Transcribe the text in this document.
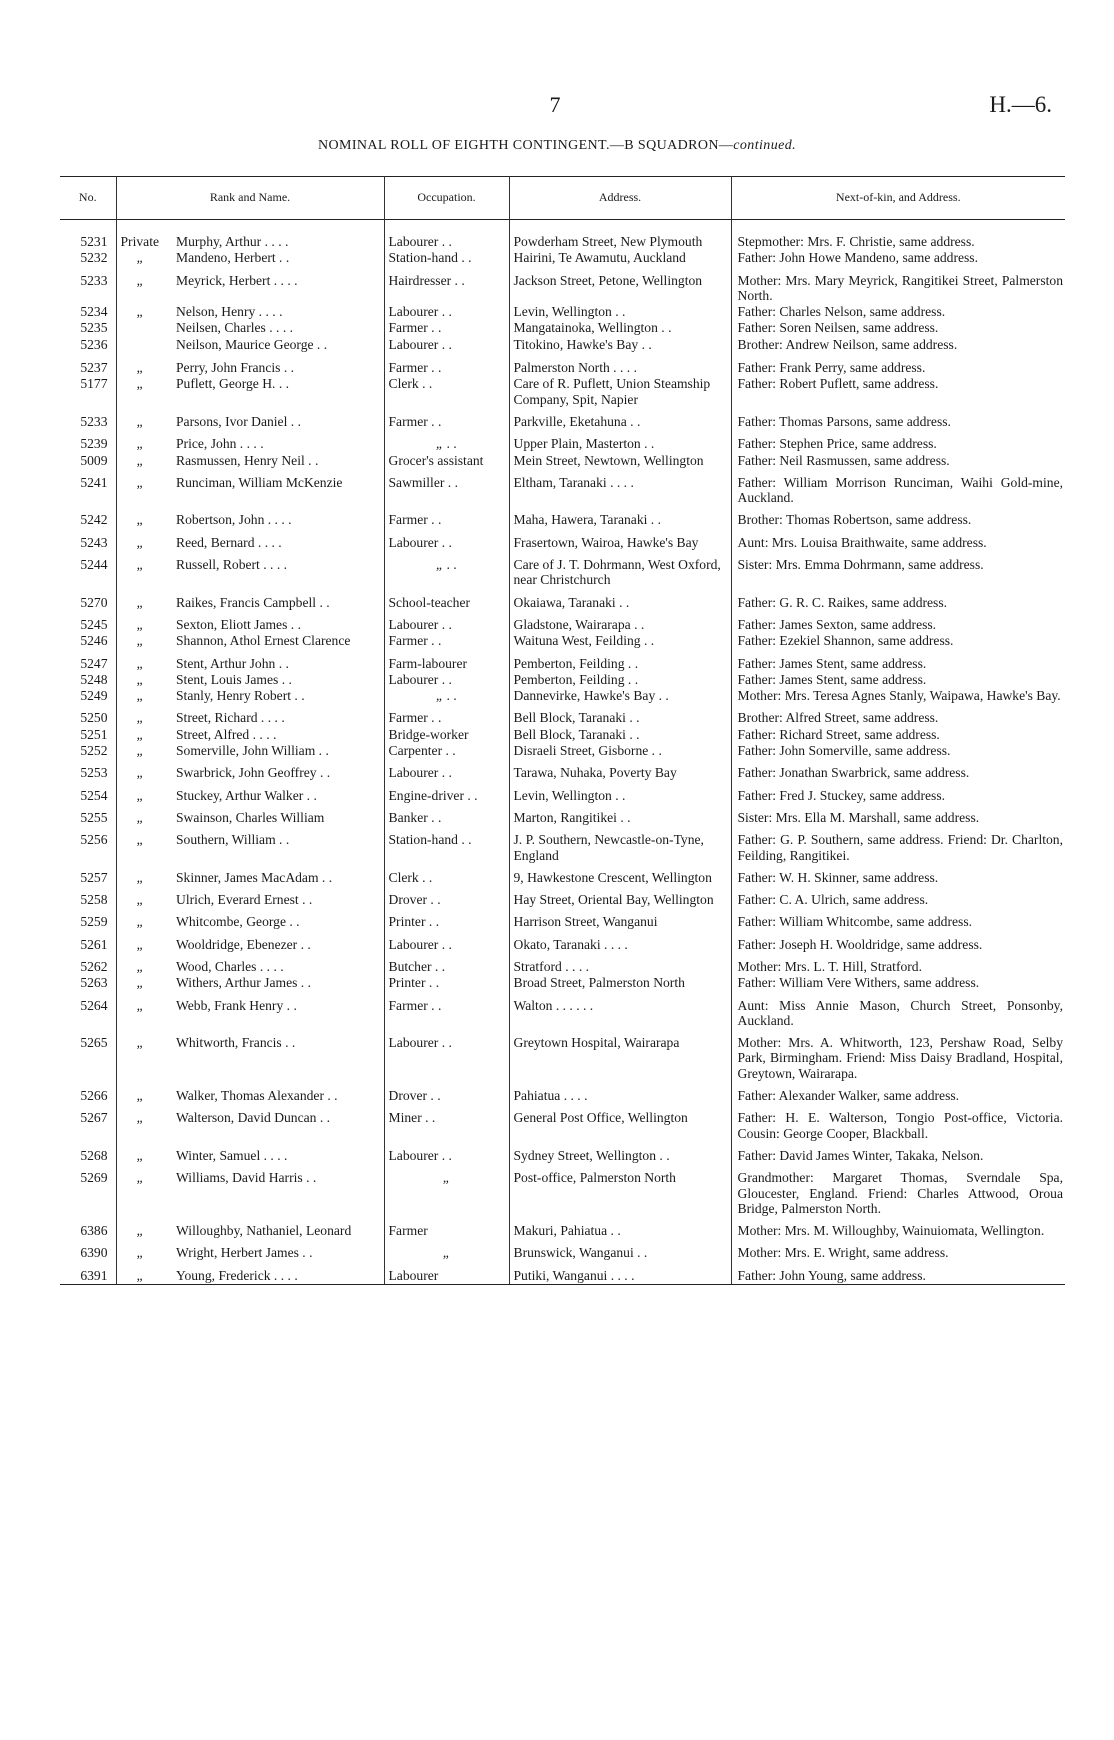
7	H.—6.
NOMINAL ROLL OF EIGHTH CONTINGENT.—B SQUADRON—continued.
No.	Rank and Name.		Occupation.	Address.	Next-of-kin, and Address.

5231	Private	Murphy, Arthur . . . .	Labourer . .	Powderham Street, New Plymouth	Stepmother: Mrs. F. Christie, same address.
5232	„	Mandeno, Herbert . .	Station-hand . .	Hairini, Te Awamutu, Auckland	Father: John Howe Mandeno, same address.
5233	„	Meyrick, Herbert . . . .	Hairdresser . .	Jackson Street, Petone, Wellington	Mother: Mrs. Mary Meyrick, Rangitikei Street, Palmerston North.
5234	„	Nelson, Henry . . . .	Labourer . .	Levin, Wellington . .	Father: Charles Nelson, same address.
5235		Neilsen, Charles . . . .	Farmer . .	Mangatainoka, Wellington . .	Father: Soren Neilsen, same address.
5236		Neilson, Maurice George . .	Labourer . .	Titokino, Hawke's Bay . .	Brother: Andrew Neilson, same address.
5237	„	Perry, John Francis . .	Farmer . .	Palmerston North . . . .	Father: Frank Perry, same address.
5177	„	Puflett, George H. . .	Clerk . .	Care of R. Puflett, Union Steamship Company, Spit, Napier	Father: Robert Puflett, same address.
5233	„	Parsons, Ivor Daniel . .	Farmer . .	Parkville, Eketahuna . .	Father: Thomas Parsons, same address.
5239	„	Price, John . . . .	„ . .	Upper Plain, Masterton . .	Father: Stephen Price, same address.
5009	„	Rasmussen, Henry Neil . .	Grocer's assistant	Mein Street, Newtown, Wellington	Father: Neil Rasmussen, same address.
5241	„	Runciman, William McKenzie	Sawmiller . .	Eltham, Taranaki . . . .	Father: William Morrison Runciman, Waihi Gold-mine, Auckland.
5242	„	Robertson, John . . . .	Farmer . .	Maha, Hawera, Taranaki . .	Brother: Thomas Robertson, same address.
5243	„	Reed, Bernard . . . .	Labourer . .	Frasertown, Wairoa, Hawke's Bay	Aunt: Mrs. Louisa Braithwaite, same address.
5244	„	Russell, Robert . . . .	„ . .	Care of J. T. Dohrmann, West Oxford, near Christchurch	Sister: Mrs. Emma Dohrmann, same address.
5270	„	Raikes, Francis Campbell . .	School-teacher	Okaiawa, Taranaki . .	Father: G. R. C. Raikes, same address.
5245	„	Sexton, Eliott James . .	Labourer . .	Gladstone, Wairarapa . .	Father: James Sexton, same address.
5246	„	Shannon, Athol Ernest Clarence	Farmer . .	Waituna West, Feilding . .	Father: Ezekiel Shannon, same address.
5247	„	Stent, Arthur John . .	Farm-labourer	Pemberton, Feilding . .	Father: James Stent, same address.
5248	„	Stent, Louis James . .	Labourer . .	Pemberton, Feilding . .	Father: James Stent, same address.
5249	„	Stanly, Henry Robert . .	„ . .	Dannevirke, Hawke's Bay . .	Mother: Mrs. Teresa Agnes Stanly, Waipawa, Hawke's Bay.
5250	„	Street, Richard . . . .	Farmer . .	Bell Block, Taranaki . .	Brother: Alfred Street, same address.
5251	„	Street, Alfred . . . .	Bridge-worker	Bell Block, Taranaki . .	Father: Richard Street, same address.
5252	„	Somerville, John William . .	Carpenter . .	Disraeli Street, Gisborne . .	Father: John Somerville, same address.
5253	„	Swarbrick, John Geoffrey . .	Labourer . .	Tarawa, Nuhaka, Poverty Bay	Father: Jonathan Swarbrick, same address.
5254	„	Stuckey, Arthur Walker . .	Engine-driver . .	Levin, Wellington . .	Father: Fred J. Stuckey, same address.
5255	„	Swainson, Charles William	Banker . .	Marton, Rangitikei . .	Sister: Mrs. Ella M. Marshall, same address.
5256	„	Southern, William . .	Station-hand . .	J. P. Southern, Newcastle-on-Tyne, England	Father: G. P. Southern, same address. Friend: Dr. Charlton, Feilding, Rangitikei.
5257	„	Skinner, James MacAdam . .	Clerk . .	9, Hawkestone Crescent, Wellington	Father: W. H. Skinner, same address.
5258	„	Ulrich, Everard Ernest . .	Drover . .	Hay Street, Oriental Bay, Wellington	Father: C. A. Ulrich, same address.
5259	„	Whitcombe, George . .	Printer . .	Harrison Street, Wanganui	Father: William Whitcombe, same address.
5261	„	Wooldridge, Ebenezer . .	Labourer . .	Okato, Taranaki . . . .	Father: Joseph H. Wooldridge, same address.
5262	„	Wood, Charles . . . .	Butcher . .	Stratford . . . .	Mother: Mrs. L. T. Hill, Stratford.
5263	„	Withers, Arthur James . .	Printer . .	Broad Street, Palmerston North	Father: William Vere Withers, same address.
5264	„	Webb, Frank Henry . .	Farmer . .	Walton . . . . . .	Aunt: Miss Annie Mason, Church Street, Ponsonby, Auckland.
5265	„	Whitworth, Francis . .	Labourer . .	Greytown Hospital, Wairarapa	Mother: Mrs. A. Whitworth, 123, Pershaw Road, Selby Park, Birmingham. Friend: Miss Daisy Bradland, Hospital, Greytown, Wairarapa.
5266	„	Walker, Thomas Alexander . .	Drover . .	Pahiatua . . . .	Father: Alexander Walker, same address.
5267	„	Walterson, David Duncan . .	Miner . .	General Post Office, Wellington	Father: H. E. Walterson, Tongio Post-office, Victoria. Cousin: George Cooper, Blackball.
5268	„	Winter, Samuel . . . .	Labourer . .	Sydney Street, Wellington . .	Father: David James Winter, Takaka, Nelson.
5269	„	Williams, David Harris . .	„	Post-office, Palmerston North	Grandmother: Margaret Thomas, Sverndale Spa, Gloucester, England. Friend: Charles Attwood, Oroua Bridge, Palmerston North.
6386	„	Willoughby, Nathaniel, Leonard	Farmer	Makuri, Pahiatua . .	Mother: Mrs. M. Willoughby, Wainuiomata, Wellington.
6390	„	Wright, Herbert James . .	„	Brunswick, Wanganui . .	Mother: Mrs. E. Wright, same address.
6391	„	Young, Frederick . . . .	Labourer	Putiki, Wanganui . . . .	Father: John Young, same address.
